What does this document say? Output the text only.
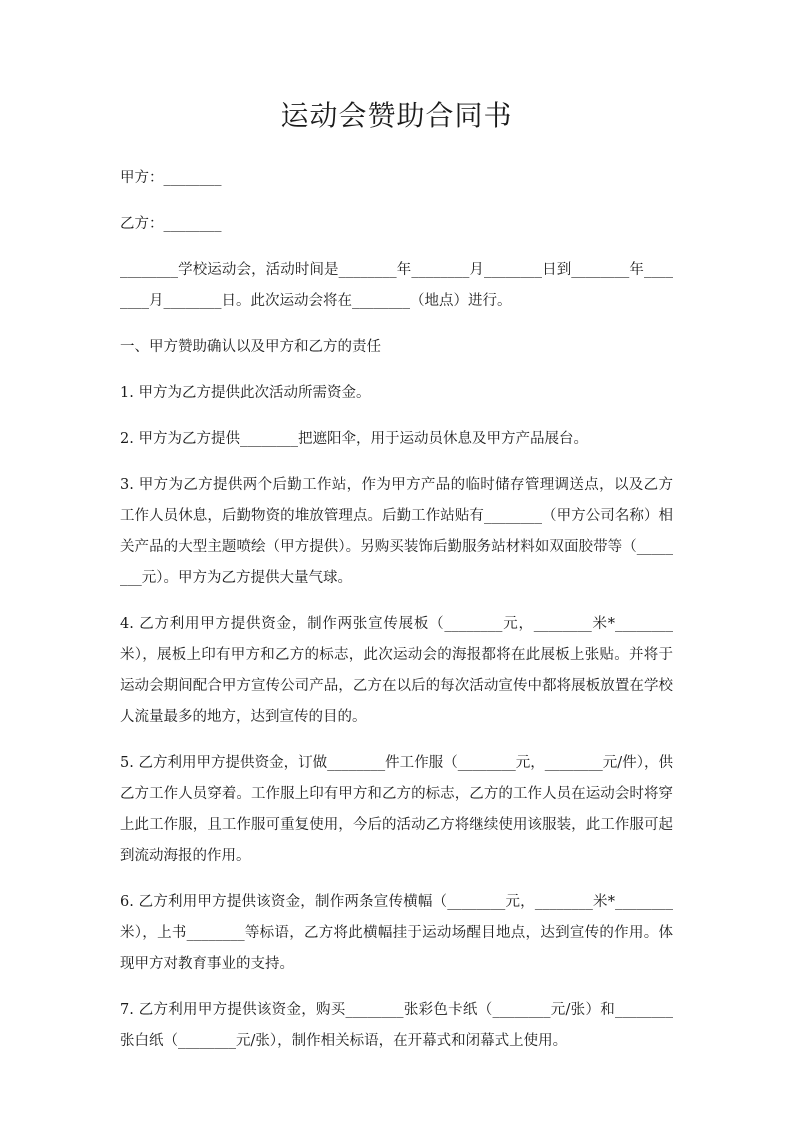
运动会赞助合同书

甲方：________

乙方：________

________学校运动会，活动时间是________年________月________日到________年________月________日。此次运动会将在________（地点）进行。

一、甲方赞助确认以及甲方和乙方的责任

1. 甲方为乙方提供此次活动所需资金。

2. 甲方为乙方提供________把遮阳伞，用于运动员休息及甲方产品展台。

3. 甲方为乙方提供两个后勤工作站，作为甲方产品的临时储存管理调送点，以及乙方工作人员休息，后勤物资的堆放管理点。后勤工作站贴有________（甲方公司名称）相关产品的大型主题喷绘（甲方提供）。另购买装饰后勤服务站材料如双面胶带等（________元）。甲方为乙方提供大量气球。

4. 乙方利用甲方提供资金，制作两张宣传展板（________元，________米*________米），展板上印有甲方和乙方的标志，此次运动会的海报都将在此展板上张贴。并将于运动会期间配合甲方宣传公司产品，乙方在以后的每次活动宣传中都将展板放置在学校人流量最多的地方，达到宣传的目的。

5. 乙方利用甲方提供资金，订做________件工作服（________元，________元/件），供乙方工作人员穿着。工作服上印有甲方和乙方的标志，乙方的工作人员在运动会时将穿上此工作服，且工作服可重复使用，今后的活动乙方将继续使用该服装，此工作服可起到流动海报的作用。

6. 乙方利用甲方提供该资金，制作两条宣传横幅（________元，________米*________米），上书________等标语，乙方将此横幅挂于运动场醒目地点，达到宣传的作用。体现甲方对教育事业的支持。

7. 乙方利用甲方提供该资金，购买________张彩色卡纸（________元/张）和________张白纸（________元/张），制作相关标语，在开幕式和闭幕式上使用。
